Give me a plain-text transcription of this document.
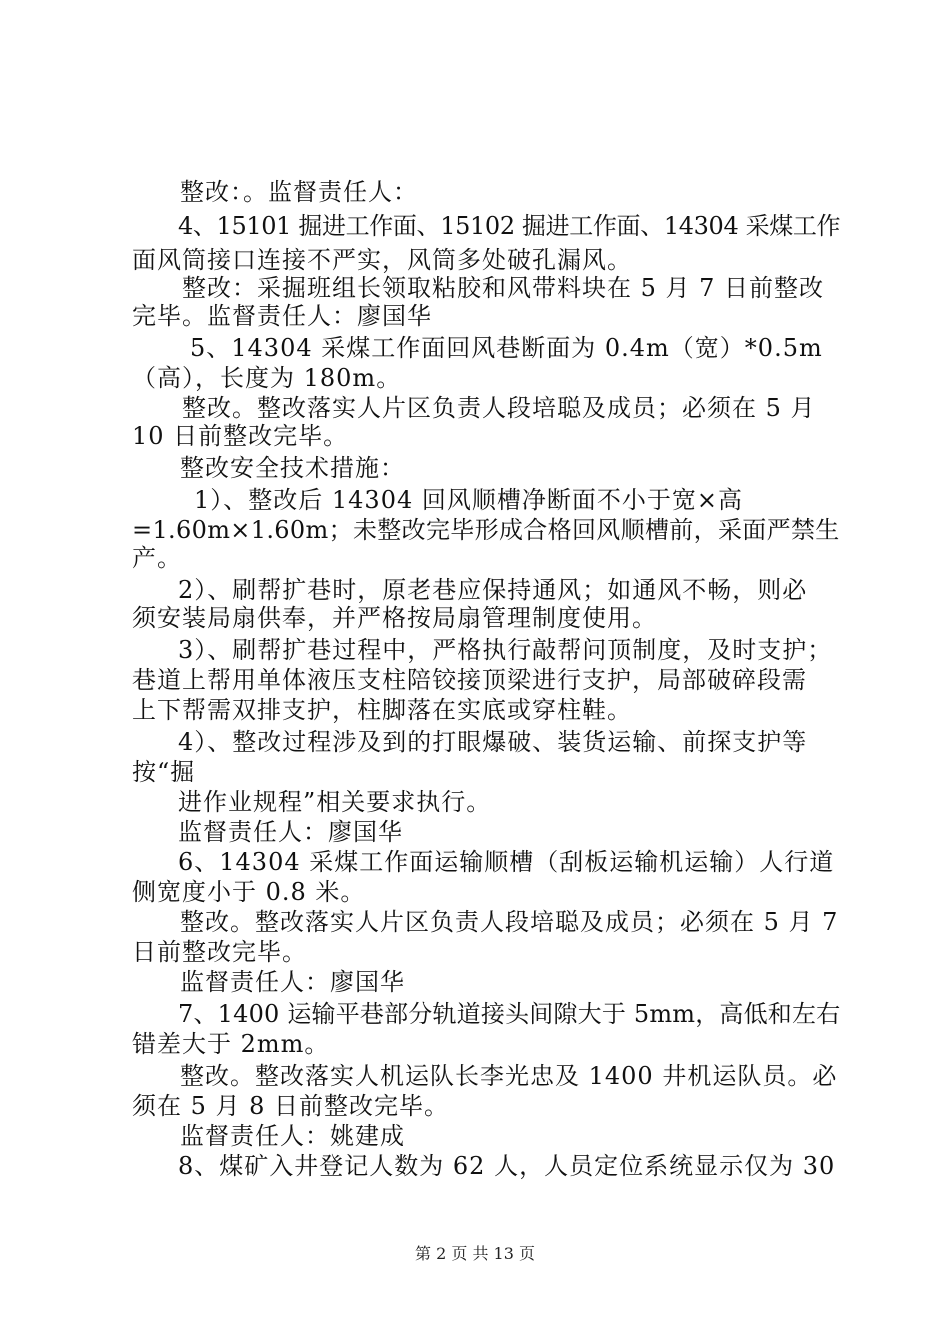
整改：。监督责任人：
4、15101 掘进工作面、15102 掘进工作面、14304 采煤工作
面风筒接口连接不严实，风筒多处破孔漏风。
整改：采掘班组长领取粘胶和风带料块在 5 月 7 日前整改
完毕。监督责任人：廖国华
5、14304 采煤工作面回风巷断面为 0.4m（宽）*0.5m
（高），长度为 180m。
整改。整改落实人片区负责人段培聪及成员；必须在 5 月
10 日前整改完毕。
整改安全技术措施：
1）、整改后 14304 回风顺槽净断面不小于宽×高
=1.60m×1.60m；未整改完毕形成合格回风顺槽前，采面严禁生
产。
2）、刷帮扩巷时，原老巷应保持通风；如通风不畅，则必
须安装局扇供奉，并严格按局扇管理制度使用。
3）、刷帮扩巷过程中，严格执行敲帮问顶制度，及时支护；
巷道上帮用单体液压支柱陪铰接顶梁进行支护，局部破碎段需
上下帮需双排支护，柱脚落在实底或穿柱鞋。
4）、整改过程涉及到的打眼爆破、装货运输、前探支护等
按“掘
进作业规程”相关要求执行。
监督责任人：廖国华
6、14304 采煤工作面运输顺槽（刮板运输机运输）人行道
侧宽度小于 0.8 米。
整改。整改落实人片区负责人段培聪及成员；必须在 5 月 7
日前整改完毕。
监督责任人：廖国华
7、1400 运输平巷部分轨道接头间隙大于 5mm，高低和左右
错差大于 2mm。
整改。整改落实人机运队长李光忠及 1400 井机运队员。必
须在 5 月 8 日前整改完毕。
监督责任人：姚建成
8、煤矿入井登记人数为 62 人，人员定位系统显示仅为 30
第 2 页 共 13 页
